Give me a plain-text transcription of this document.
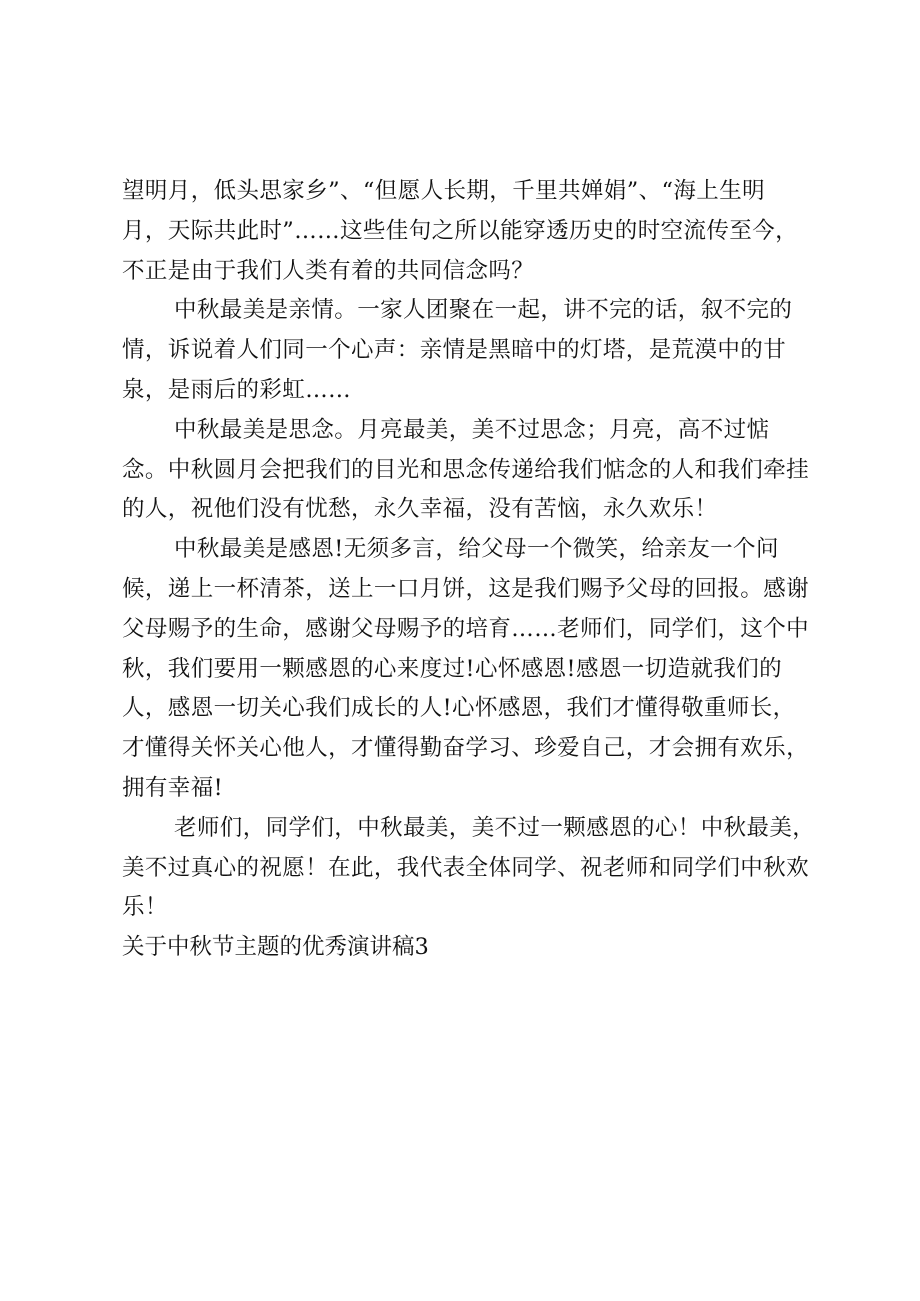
望明月，低头思家乡”、“但愿人长期，千里共婵娟”、“海上生明
月，天际共此时”……这些佳句之所以能穿透历史的时空流传至今，
不正是由于我们人类有着的共同信念吗？
中秋最美是亲情。一家人团聚在一起，讲不完的话，叙不完的
情，诉说着人们同一个心声：亲情是黑暗中的灯塔，是荒漠中的甘
泉，是雨后的彩虹……
中秋最美是思念。月亮最美，美不过思念；月亮，高不过惦
念。中秋圆月会把我们的目光和思念传递给我们惦念的人和我们牵挂
的人，祝他们没有忧愁，永久幸福，没有苦恼，永久欢乐！
中秋最美是感恩!无须多言，给父母一个微笑，给亲友一个问
候，递上一杯清茶，送上一口月饼，这是我们赐予父母的回报。感谢
父母赐予的生命，感谢父母赐予的培育……老师们，同学们，这个中
秋，我们要用一颗感恩的心来度过!心怀感恩!感恩一切造就我们的
人，感恩一切关心我们成长的人!心怀感恩，我们才懂得敬重师长，
才懂得关怀关心他人，才懂得勤奋学习、珍爱自己，才会拥有欢乐，
拥有幸福!
老师们，同学们，中秋最美，美不过一颗感恩的心！中秋最美，
美不过真心的祝愿！在此，我代表全体同学、祝老师和同学们中秋欢
乐！
关于中秋节主题的优秀演讲稿3
